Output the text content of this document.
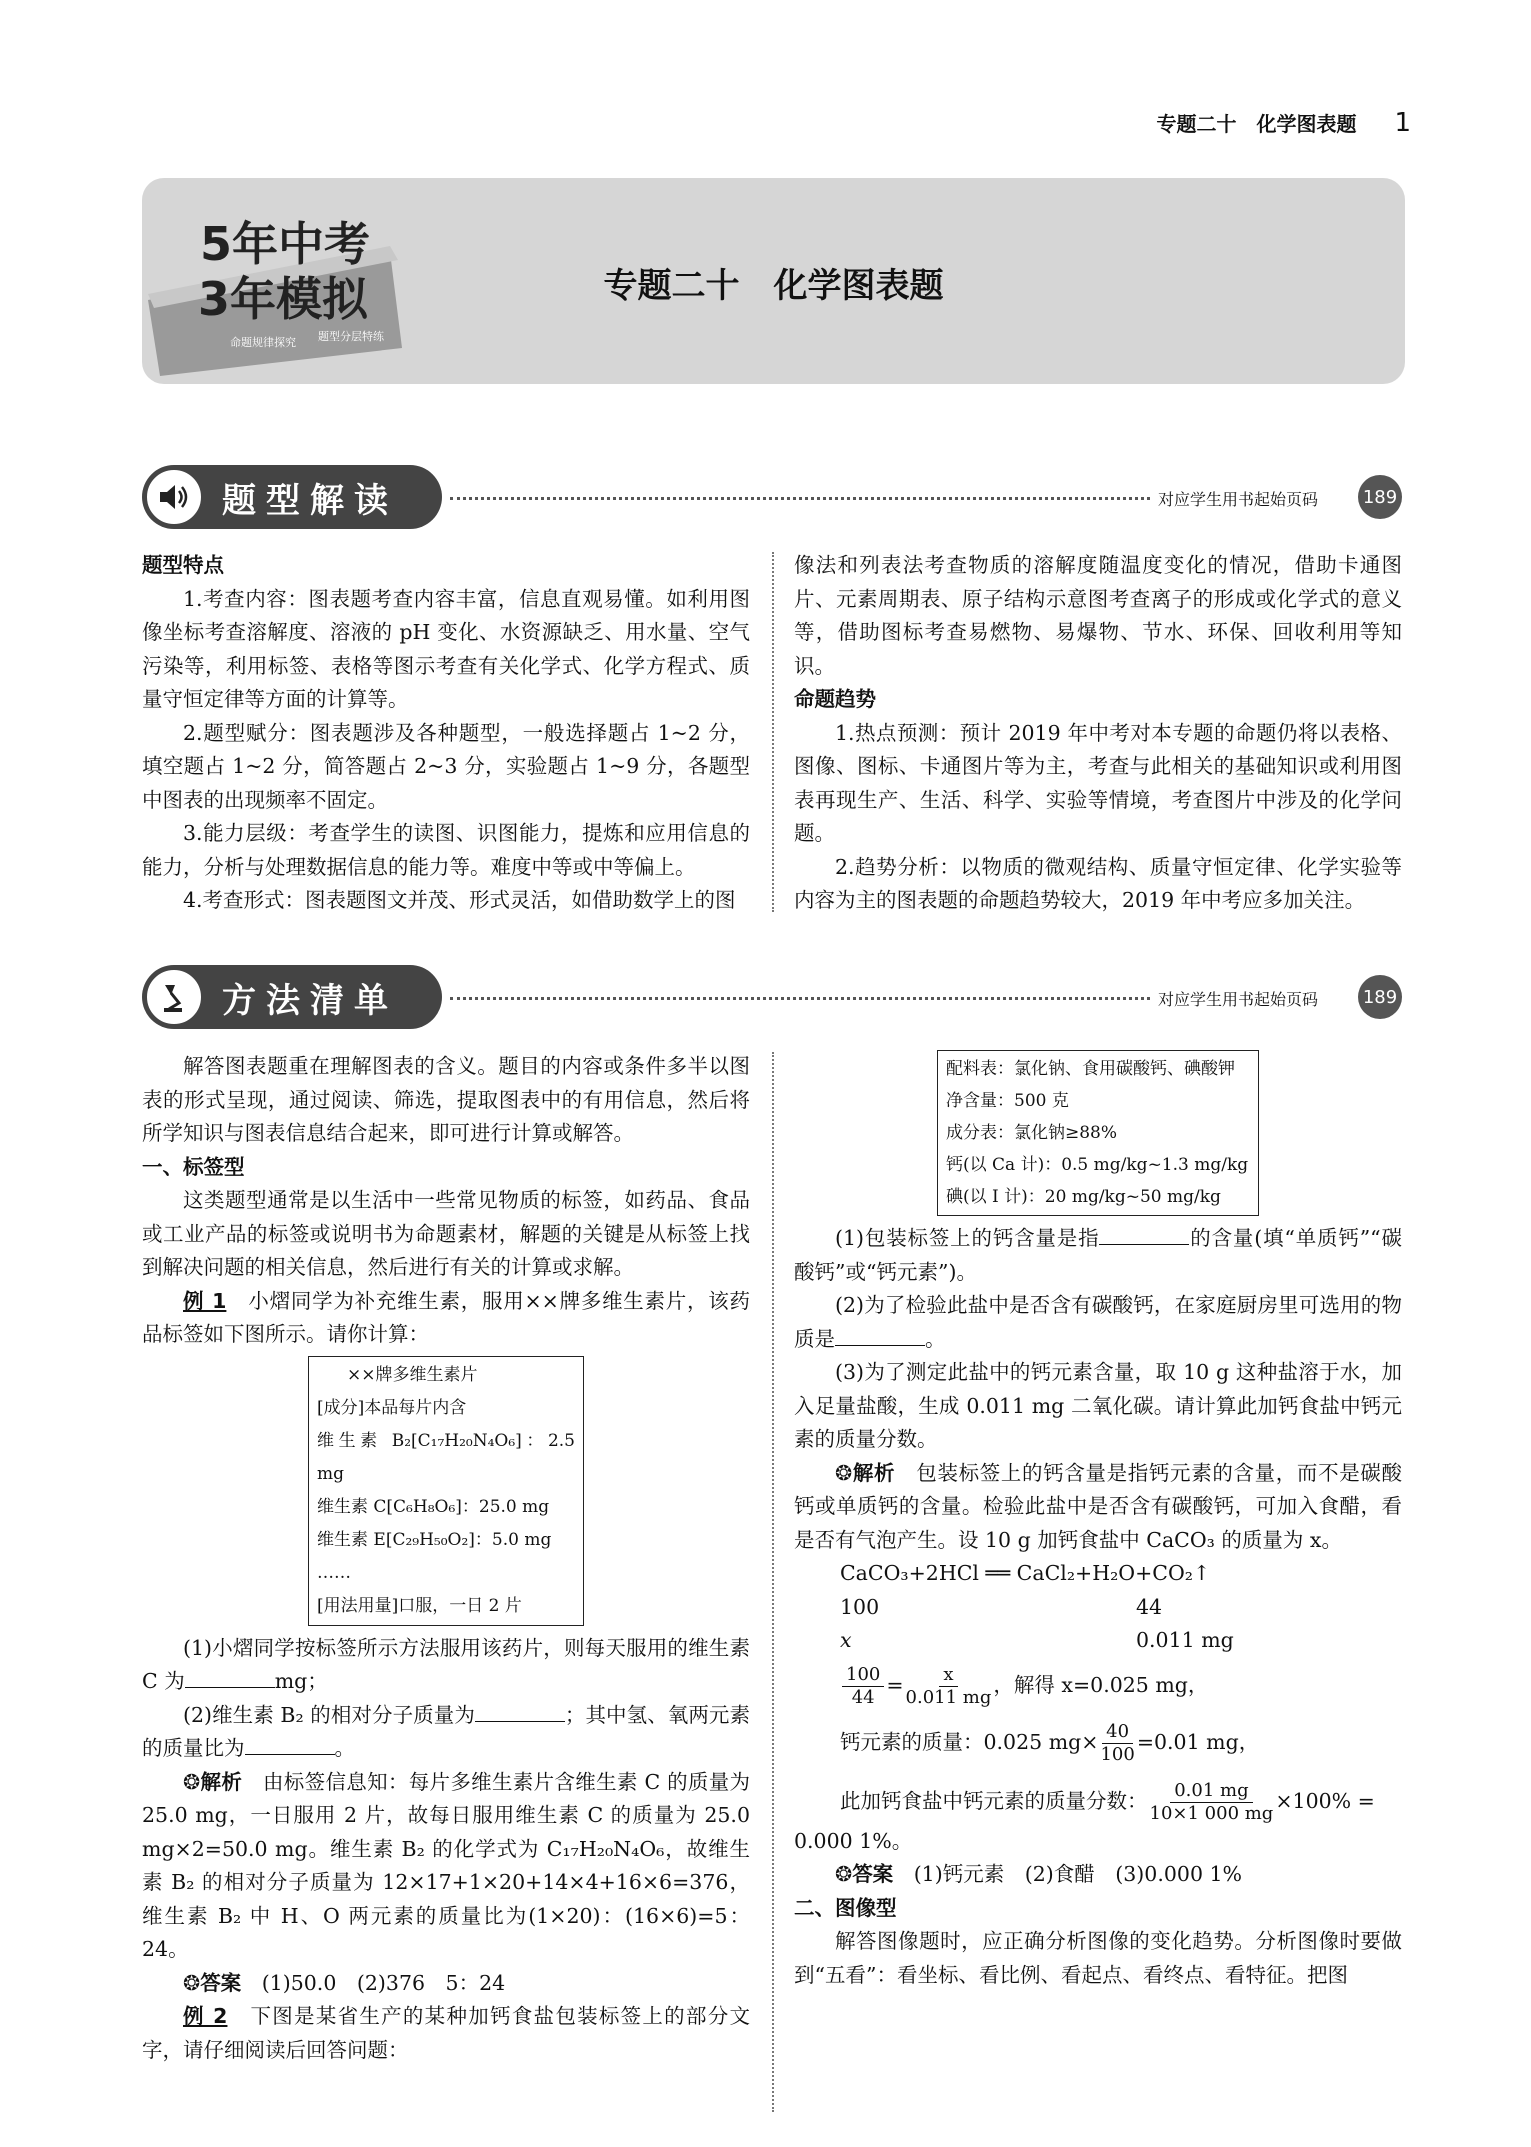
专题二十　化学图表题 1
专题二十　化学图表题
5年中考
3年模拟
命题规律探究 题型分层特练
题型解读	对应学生用书起始页码 189

题型特点

1.考查内容：图表题考查内容丰富，信息直观易懂。如利用图像坐标考查溶解度、溶液的 pH 变化、水资源缺乏、用水量、空气污染等，利用标签、表格等图示考查有关化学式、化学方程式、质量守恒定律等方面的计算等。

2.题型赋分：图表题涉及各种题型，一般选择题占 1~2 分，填空题占 1~2 分，简答题占 2~3 分，实验题占 1~9 分，各题型中图表的出现频率不固定。

3.能力层级：考查学生的读图、识图能力，提炼和应用信息的能力，分析与处理数据信息的能力等。难度中等或中等偏上。

4.考查形式：图表题图文并茂、形式灵活，如借助数学上的图

像法和列表法考查物质的溶解度随温度变化的情况，借助卡通图片、元素周期表、原子结构示意图考查离子的形成或化学式的意义等，借助图标考查易燃物、易爆物、节水、环保、回收利用等知识。

命题趋势

1.热点预测：预计 2019 年中考对本专题的命题仍将以表格、图像、图标、卡通图片等为主，考查与此相关的基础知识或利用图表再现生产、生活、科学、实验等情境，考查图片中涉及的化学问题。

2.趋势分析：以物质的微观结构、质量守恒定律、化学实验等内容为主的图表题的命题趋势较大，2019 年中考应多加关注。

方法清单	对应学生用书起始页码 189

解答图表题重在理解图表的含义。题目的内容或条件多半以图表的形式呈现，通过阅读、筛选，提取图表中的有用信息，然后将所学知识与图表信息结合起来，即可进行计算或解答。

一、标签型

这类题型通常是以生活中一些常见物质的标签，如药品、食品或工业产品的标签或说明书为命题素材，解题的关键是从标签上找到解决问题的相关信息，然后进行有关的计算或求解。

例 1　 小熠同学为补充维生素，服用××牌多维生素片，该药品标签如下图所示。请你计算：

××牌多维生素片
[成分]本品每片内含
维生素 B₂[C₁₇H₂₀N₄O₆]：2.5 mg
维生素 C[C₆H₈O₆]：25.0 mg
维生素 E[C₂₉H₅₀O₂]：5.0 mg
……
[用法用量]口服，一日 2 片

(1)小熠同学按标签所示方法服用该药片，则每天服用的维生素 C 为	mg；

(2)维生素 B₂ 的相对分子质量为	；其中氢、氧两元素的质量比为	。

❂解析　 由标签信息知：每片多维生素片含维生素 C 的质量为 25.0 mg，一日服用 2 片，故每日服用维生素 C 的质量为 25.0 mg×2=50.0 mg。维生素 B₂ 的化学式为 C₁₇H₂₀N₄O₆，故维生素 B₂ 的相对分子质量为 12×17+1×20+14×4+16×6=376，维生素 B₂ 中 H、O 两元素的质量比为(1×20)：(16×6)=5：24。

❂答案　 (1)50.0　(2)376　5：24

例 2　 下图是某省生产的某种加钙食盐包装标签上的部分文字，请仔细阅读后回答问题：

配料表：氯化钠、食用碳酸钙、碘酸钾
净含量：500 克
成分表：氯化钠≥88%
钙(以 Ca 计)：0.5 mg/kg~1.3 mg/kg
碘(以 I 计)：20 mg/kg~50 mg/kg

(1)包装标签上的钙含量是指	的含量(填“单质钙”“碳酸钙”或“钙元素”)。

(2)为了检验此盐中是否含有碳酸钙，在家庭厨房里可选用的物质是	。

(3)为了测定此盐中的钙元素含量，取 10 g 这种盐溶于水，加入足量盐酸，生成 0.011 mg 二氧化碳。请计算此加钙食盐中钙元素的质量分数。

❂解析　 包装标签上的钙含量是指钙元素的含量，而不是碳酸钙或单质钙的含量。检验此盐中是否含有碳酸钙，可加入食醋，看是否有气泡产生。设 10 g 加钙食盐中 CaCO₃ 的质量为 x。

CaCO₃+2HCl ══ CaCl₂+H₂O+CO₂↑

100	44

x	0.011 mg

$\frac{100}{44} = \frac{x}{0.011 mg}$ ，解得 x=0.025 mg，

钙元素的质量：0.025 $mg\times \frac{40}{100} =0.01$ mg，

此加钙食盐中钙元素的质量分数： $\frac{0.01 mg}{10\times 1 000 mg} \times 100\%$ =

0.000 1%。

❂答案　 (1)钙元素　(2)食醋　(3)0.000 1%

二、图像型

解答图像题时，应正确分析图像的变化趋势。分析图像时要做到“五看”：看坐标、看比例、看起点、看终点、看特征。把图
